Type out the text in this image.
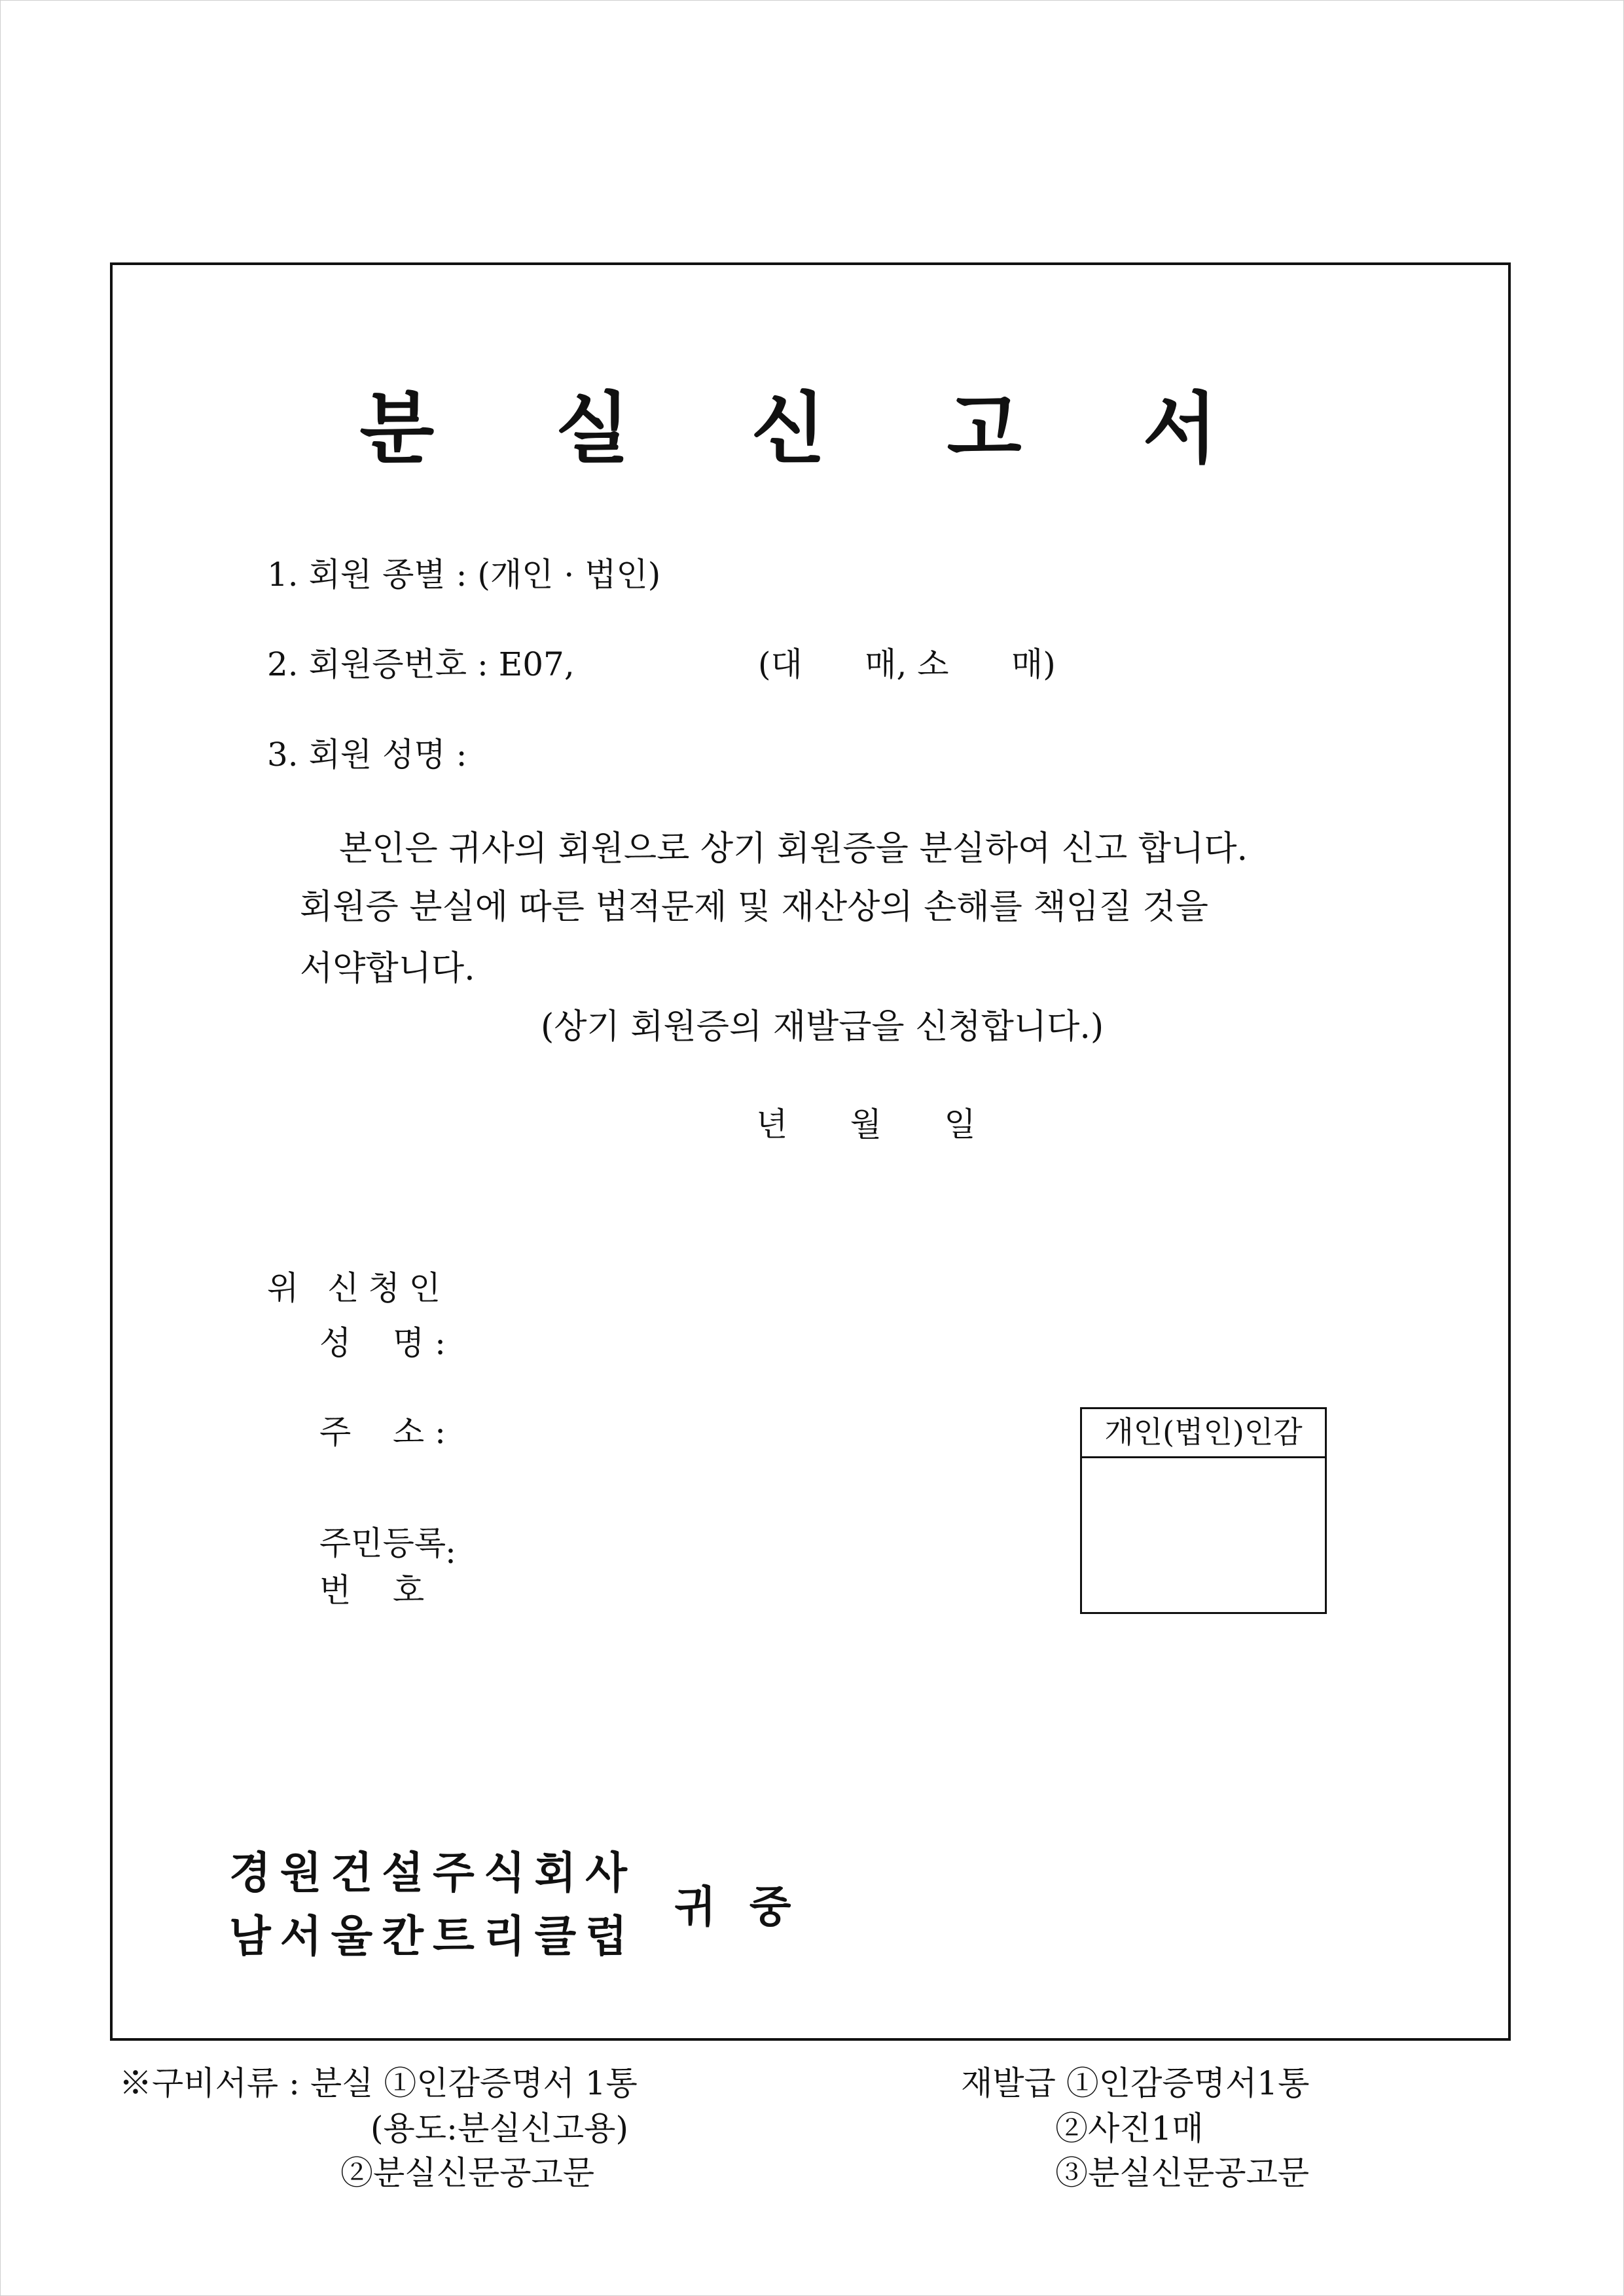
분 실 신 고 서
1. 회원 종별 : (개인 · 법인)
2. 회원증번호 : E07,	(대      매, 소      매)
3. 회원 성명 :
본인은 귀사의 회원으로 상기 회원증을 분실하여 신고 합니다.
회원증 분실에 따른 법적문제 및 재산상의 손해를 책임질 것을
서약합니다.
(상기 회원증의 재발급을 신청합니다.)
년      월      일
위 신청인
성    명 :
주    소 :
주민등록
번    호
:
개인(법인)인감
경원건설주식회사
남서울칸트리클럽
귀 중
※구비서류 : 분실 ①인감증명서 1통
(용도:분실신고용)
②분실신문공고문
재발급 ①인감증명서1통
②사진1매
③분실신문공고문
